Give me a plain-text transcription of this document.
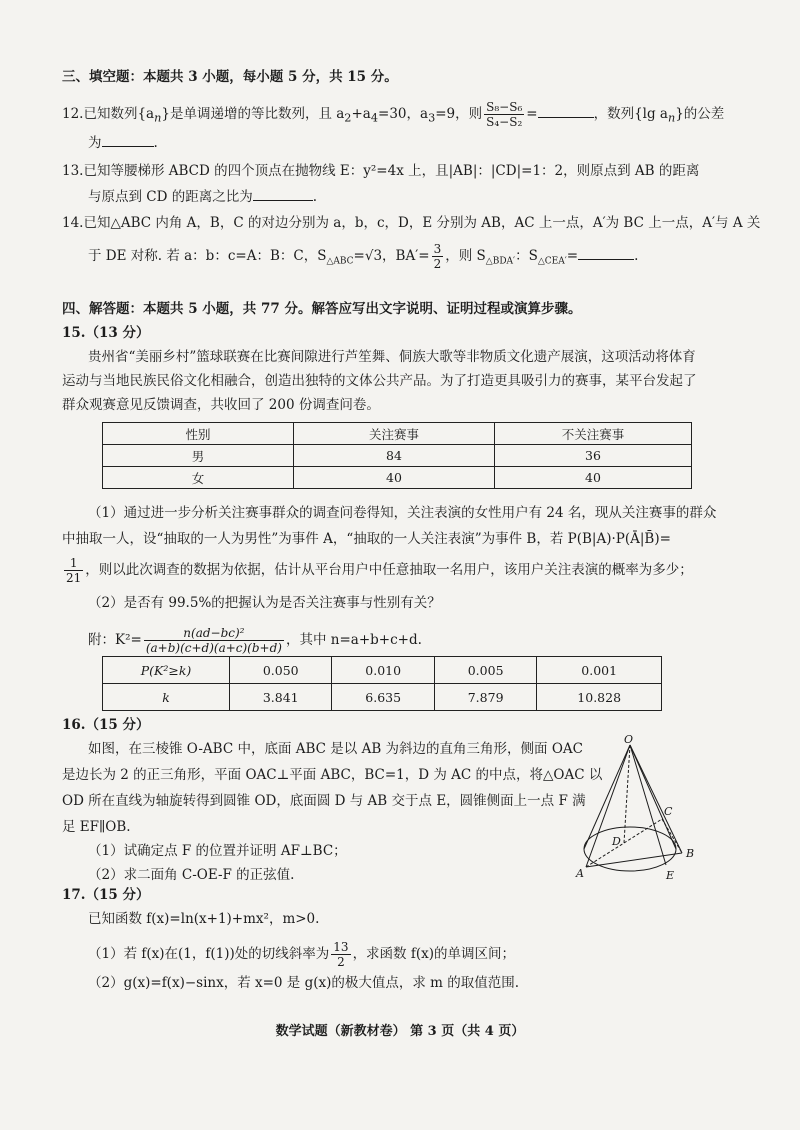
三、填空题：本题共 3 小题，每小题 5 分，共 15 分。
12.已知数列$\{a_n\}$是单调递增的等比数列，且 $a_2+a_4=30$，$a_3=9$，则 $\frac{\text{S₈−S₆}}{\text{S₄−S₂}}$ =	，数列{lg $a_n$}的公差
为	.
13.已知等腰梯形 ABCD 的四个顶点在抛物线 E：y²=4x 上，且|AB|：|CD|=1：2，则原点到 AB 的距离
与原点到 CD 的距离之比为	.
14.已知△ABC 内角 A，B，C 的对边分别为 a，b，c，D，E 分别为 AB，AC 上一点，A′为 BC 上一点，A′与 A 关
于 DE 对称. 若 a：b：c=A：B：C，$S_{\triangle ABC}=√3$，$BA'= \frac{3}{2}$ ，则 $S_{\triangle BDA'}$：$S_{\triangle CEA'}=$	.
四、解答题：本题共 5 小题，共 77 分。解答应写出文字说明、证明过程或演算步骤。
15.（13 分）
贵州省“美丽乡村”篮球联赛在比赛间隙进行芦笙舞、侗族大歌等非物质文化遗产展演，这项活动将体育
运动与当地民族民俗文化相融合，创造出独特的文体公共产品。为了打造更具吸引力的赛事，某平台发起了
群众观赛意见反馈调查，共收回了 200 份调查问卷。
性别	关注赛事	不关注赛事
男	84	36
女	40	40
（1）通过进一步分析关注赛事群众的调查问卷得知，关注表演的女性用户有 24 名，现从关注赛事的群众
中抽取一人，设“抽取的一人为男性”为事件 A，“抽取的一人关注表演”为事件 B，若 P(B|A)·P(Ā|B̄)=
$\frac{1}{21}$ ，则以此次调查的数据为依据，估计从平台用户中任意抽取一名用户，该用户关注表演的概率为多少；
（2）是否有 99.5%的把握认为是否关注赛事与性别有关？
附：$K^2= \frac{\text{n(ad−bc)²}}{(a+b)(c+d)(a+c)(b+d)}$ ，其中 n=a+b+c+d.
P(K²≥k)	0.050	0.010	0.005	0.001
k	3.841	6.635	7.879	10.828
16.（15 分）
如图，在三棱锥 O-ABC 中，底面 ABC 是以 AB 为斜边的直角三角形，侧面 OAC
是边长为 2 的正三角形，平面 OAC⊥平面 ABC，BC=1，D 为 AC 的中点，将△OAC 以
OD 所在直线为轴旋转得到圆锥 OD，底面圆 D 与 AB 交于点 E，圆锥侧面上一点 F 满
足 EF∥OB.
（1）试确定点 F 的位置并证明 AF⊥BC；
（2）求二面角 C-OE-F 的正弦值.
O
A
B
C
D
E
17.（15 分）
已知函数 f(x)=ln(x+1)+mx²，m>0.
（1）若 f(x)在(1，f(1))处的切线斜率为 $\frac{13}{2}$ ，求函数 f(x)的单调区间；
（2）g(x)=f(x)−sinx，若 x=0 是 g(x)的极大值点，求 m 的取值范围.
数学试题（新教材卷） 第 3 页（共 4 页）
